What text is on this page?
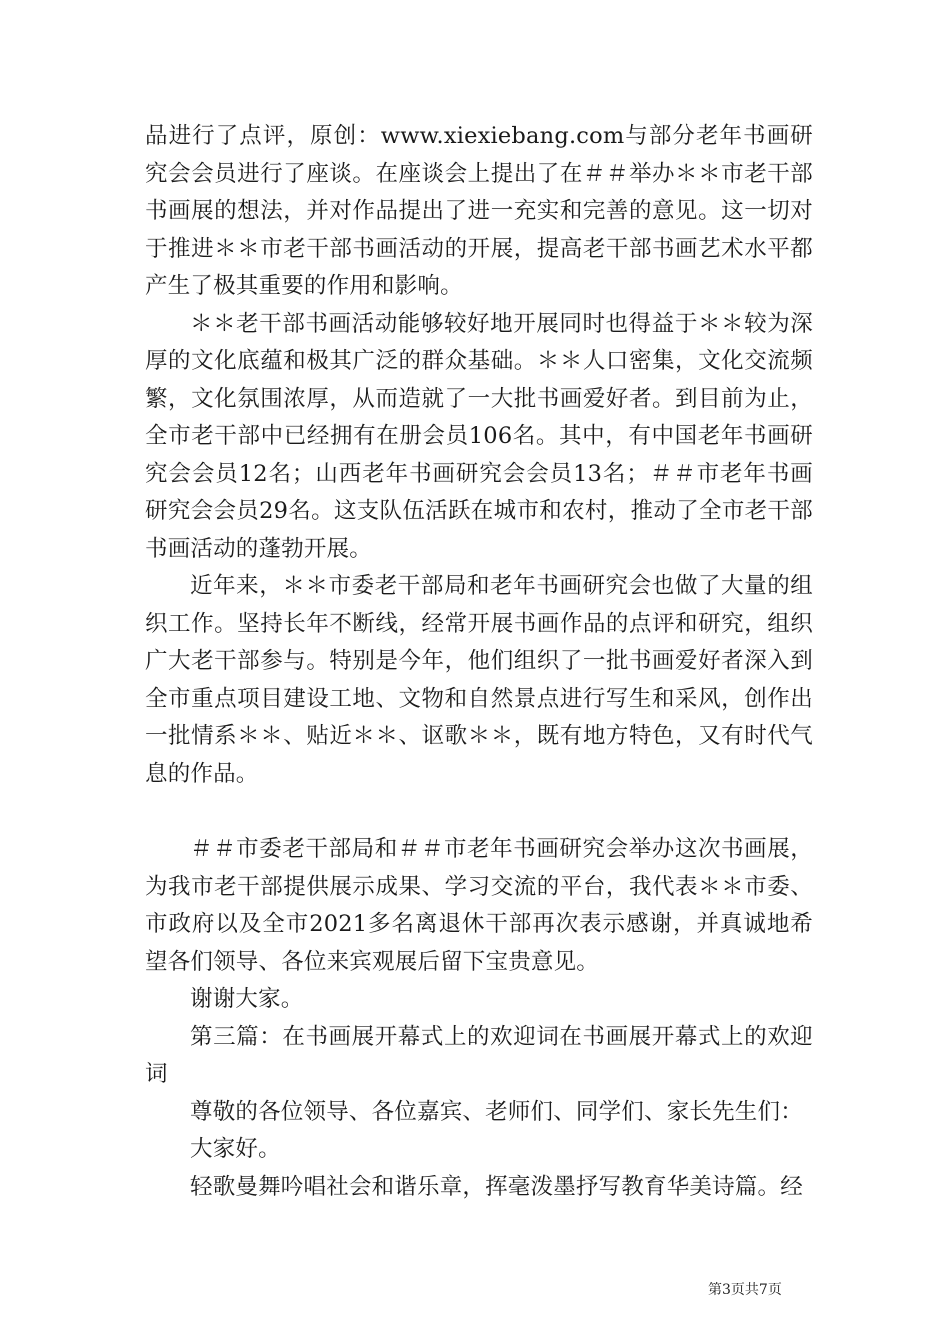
品进行了点评，原创：www.xiexiebang.com与部分老年书画研究会会员进行了座谈。在座谈会上提出了在＃＃举办＊＊市老干部书画展的想法，并对作品提出了进一充实和完善的意见。这一切对于推进＊＊市老干部书画活动的开展，提高老干部书画艺术水平都产生了极其重要的作用和影响。

＊＊老干部书画活动能够较好地开展同时也得益于＊＊较为深厚的文化底蕴和极其广泛的群众基础。＊＊人口密集，文化交流频繁，文化氛围浓厚，从而造就了一大批书画爱好者。到目前为止，全市老干部中已经拥有在册会员106名。其中，有中国老年书画研究会会员12名；山西老年书画研究会会员13名；＃＃市老年书画研究会会员29名。这支队伍活跃在城市和农村，推动了全市老干部书画活动的蓬勃开展。

近年来，＊＊市委老干部局和老年书画研究会也做了大量的组织工作。坚持长年不断线，经常开展书画作品的点评和研究，组织广大老干部参与。特别是今年，他们组织了一批书画爱好者深入到全市重点项目建设工地、文物和自然景点进行写生和采风，创作出一批情系＊＊、贴近＊＊、讴歌＊＊，既有地方特色，又有时代气息的作品。

＃＃市委老干部局和＃＃市老年书画研究会举办这次书画展，为我市老干部提供展示成果、学习交流的平台，我代表＊＊市委、市政府以及全市2021多名离退休干部再次表示感谢，并真诚地希望各们领导、各位来宾观展后留下宝贵意见。

谢谢大家。

第三篇：在书画展开幕式上的欢迎词在书画展开幕式上的欢迎词

尊敬的各位领导、各位嘉宾、老师们、同学们、家长先生们：

大家好。

轻歌曼舞吟唱社会和谐乐章，挥毫泼墨抒写教育华美诗篇。经

第3页共7页
